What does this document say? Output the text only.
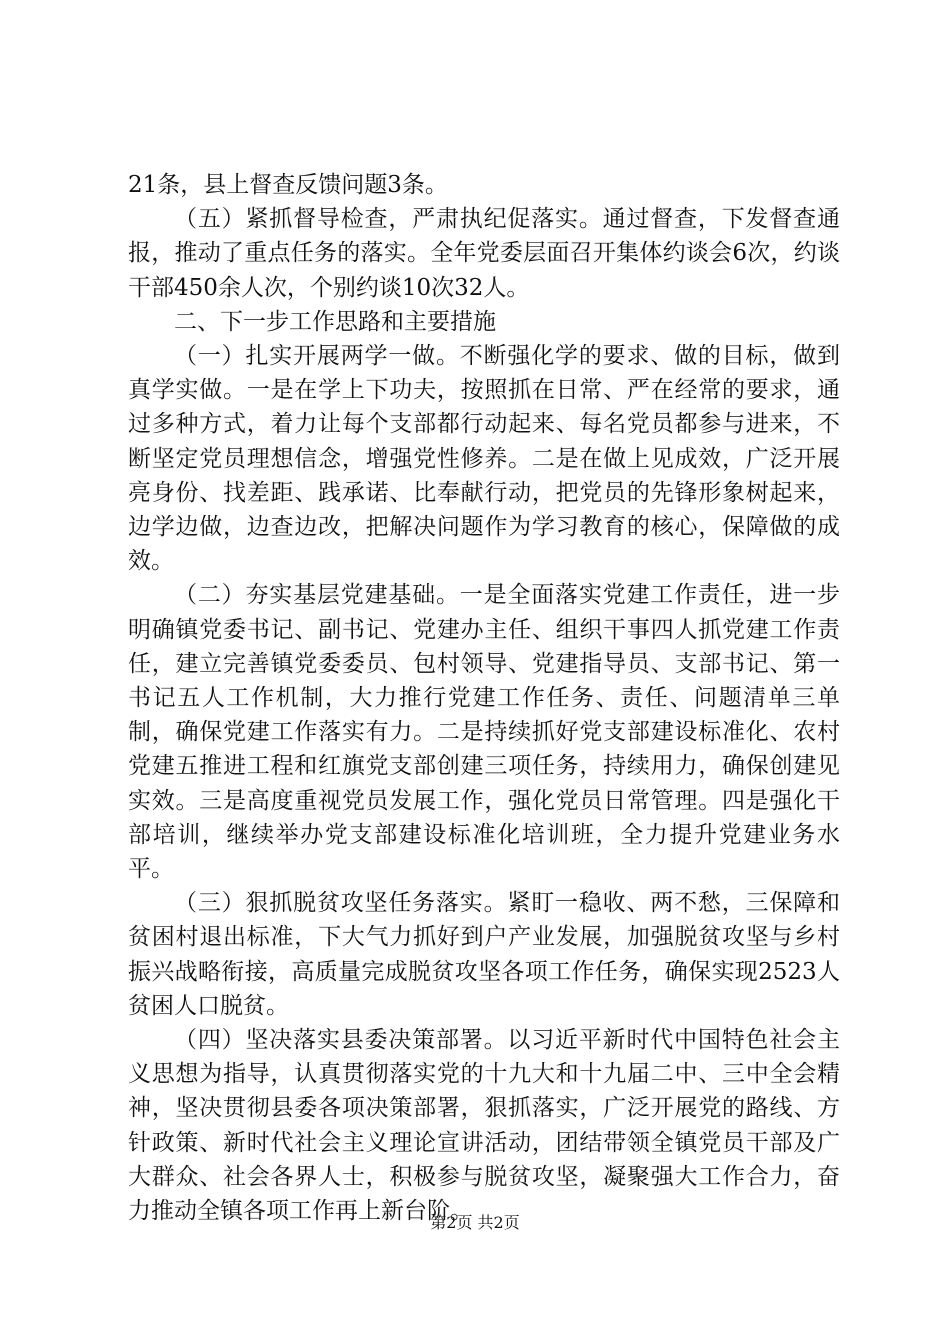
21条，县上督查反馈问题3条。

（五）紧抓督导检查，严肃执纪促落实。通过督查，下发督查通报，推动了重点任务的落实。全年党委层面召开集体约谈会6次，约谈干部450余人次，个别约谈10次32人。

二、下一步工作思路和主要措施

（一）扎实开展两学一做。不断强化学的要求、做的目标，做到真学实做。一是在学上下功夫，按照抓在日常、严在经常的要求，通过多种方式，着力让每个支部都行动起来、每名党员都参与进来，不断坚定党员理想信念，增强党性修养。二是在做上见成效，广泛开展亮身份、找差距、践承诺、比奉献行动，把党员的先锋形象树起来，边学边做，边查边改，把解决问题作为学习教育的核心，保障做的成效。

（二）夯实基层党建基础。一是全面落实党建工作责任，进一步明确镇党委书记、副书记、党建办主任、组织干事四人抓党建工作责任，建立完善镇党委委员、包村领导、党建指导员、支部书记、第一书记五人工作机制，大力推行党建工作任务、责任、问题清单三单制，确保党建工作落实有力。二是持续抓好党支部建设标准化、农村党建五推进工程和红旗党支部创建三项任务，持续用力，确保创建见实效。三是高度重视党员发展工作，强化党员日常管理。四是强化干部培训，继续举办党支部建设标准化培训班，全力提升党建业务水平。

（三）狠抓脱贫攻坚任务落实。紧盯一稳收、两不愁，三保障和贫困村退出标准，下大气力抓好到户产业发展，加强脱贫攻坚与乡村振兴战略衔接，高质量完成脱贫攻坚各项工作任务，确保实现2523人贫困人口脱贫。

（四）坚决落实县委决策部署。以习近平新时代中国特色社会主义思想为指导，认真贯彻落实党的十九大和十九届二中、三中全会精神，坚决贯彻县委各项决策部署，狠抓落实，广泛开展党的路线、方针政策、新时代社会主义理论宣讲活动，团结带领全镇党员干部及广大群众、社会各界人士，积极参与脱贫攻坚，凝聚强大工作合力，奋力推动全镇各项工作再上新台阶。

第2页 共2页
